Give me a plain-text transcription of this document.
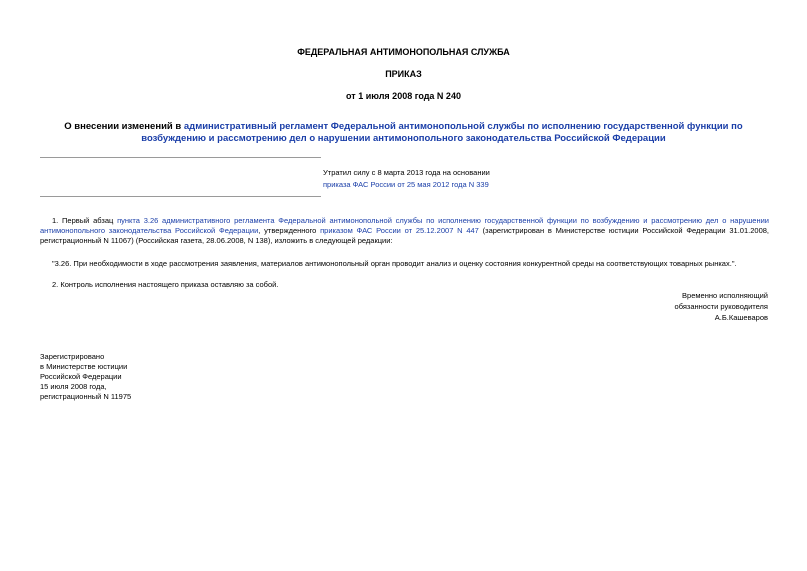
ФЕДЕРАЛЬНАЯ АНТИМОНОПОЛЬНАЯ СЛУЖБА
ПРИКАЗ
от 1 июля 2008 года N 240
О внесении изменений в административный регламент Федеральной антимонопольной службы по исполнению государственной функции по возбуждению и рассмотрению дел о нарушении антимонопольного законодательства Российской Федерации
Утратил силу с 8 марта 2013 года на основании
приказа ФАС России от 25 мая 2012 года N 339
1. Первый абзац пункта 3.26 административного регламента Федеральной антимонопольной службы по исполнению государственной функции по возбуждению и рассмотрению дел о нарушении антимонопольного законодательства Российской Федерации, утвержденного приказом ФАС России от 25.12.2007 N 447 (зарегистрирован в Министерстве юстиции Российской Федерации 31.01.2008, регистрационный N 11067) (Российская газета, 28.06.2008, N 138), изложить в следующей редакции:
"3.26. При необходимости в ходе рассмотрения заявления, материалов антимонопольный орган проводит анализ и оценку состояния конкурентной среды на соответствующих товарных рынках.".
2. Контроль исполнения настоящего приказа оставляю за собой.
Временно исполняющий
обязанности руководителя
А.Б.Кашеваров
Зарегистрировано
в Министерстве юстиции
Российской Федерации
15 июля 2008 года,
регистрационный N 11975
